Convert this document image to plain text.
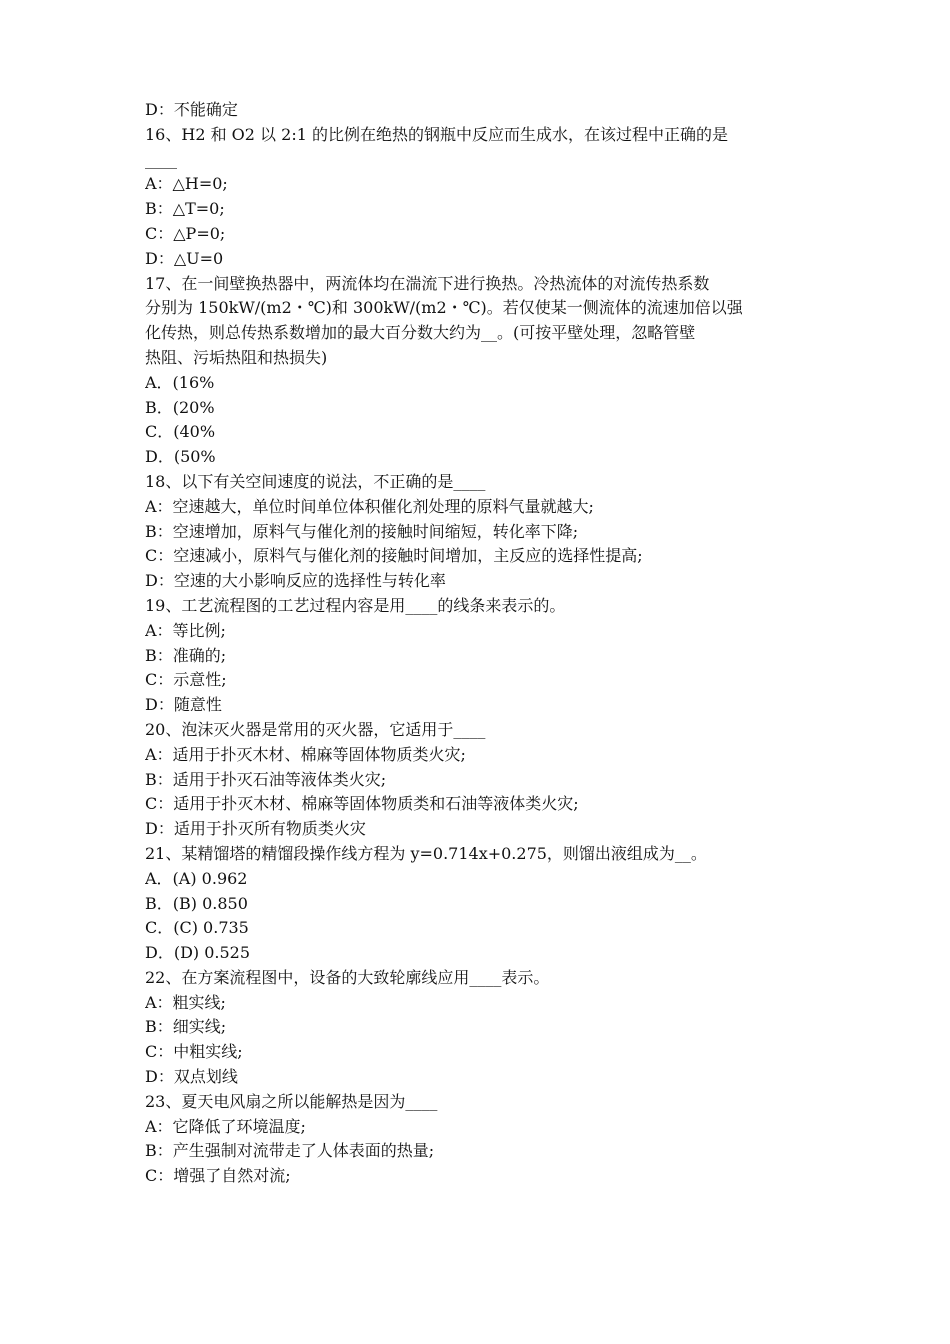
D：不能确定
16、H2 和 O2 以 2:1 的比例在绝热的钢瓶中反应而生成水，在该过程中正确的是
____
A：△H=0;
B：△T=0;
C：△P=0;
D：△U=0
17、在一间壁换热器中，两流体均在湍流下进行换热。冷热流体的对流传热系数
分别为 150kW/(m2・℃)和 300kW/(m2・℃)。若仅使某一侧流体的流速加倍以强
化传热，则总传热系数增加的最大百分数大约为__。(可按平壁处理，忽略管壁
热阻、污垢热阻和热损失)
A．(16%
B．(20%
C．(40%
D．(50%
18、以下有关空间速度的说法，不正确的是____
A：空速越大，单位时间单位体积催化剂处理的原料气量就越大;
B：空速增加，原料气与催化剂的接触时间缩短，转化率下降;
C：空速减小，原料气与催化剂的接触时间增加，主反应的选择性提高;
D：空速的大小影响反应的选择性与转化率
19、工艺流程图的工艺过程内容是用____的线条来表示的。
A：等比例;
B：准确的;
C：示意性;
D：随意性
20、泡沫灭火器是常用的灭火器，它适用于____
A：适用于扑灭木材、棉麻等固体物质类火灾;
B：适用于扑灭石油等液体类火灾;
C：适用于扑灭木材、棉麻等固体物质类和石油等液体类火灾;
D：适用于扑灭所有物质类火灾
21、某精馏塔的精馏段操作线方程为 y=0.714x+0.275，则馏出液组成为__。
A．(A) 0.962
B．(B) 0.850
C．(C) 0.735
D．(D) 0.525
22、在方案流程图中，设备的大致轮廓线应用____表示。
A：粗实线;
B：细实线;
C：中粗实线;
D：双点划线
23、夏天电风扇之所以能解热是因为____
A：它降低了环境温度;
B：产生强制对流带走了人体表面的热量;
C：增强了自然对流;
